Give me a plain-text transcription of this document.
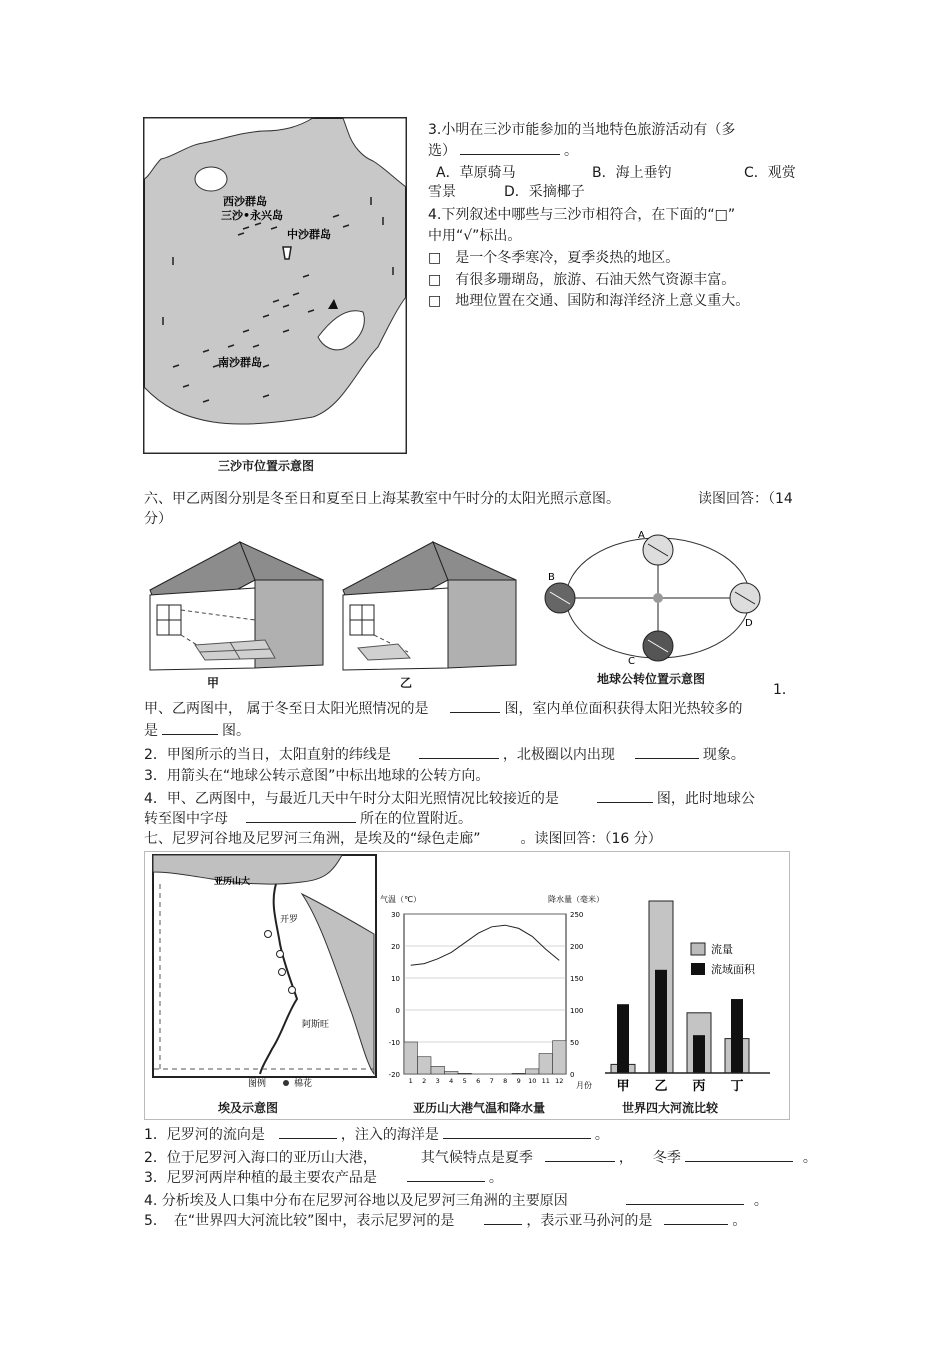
西沙群岛
三沙•永兴岛
中沙群岛
南沙群岛
三沙市位置示意图
3.小明在三沙市能参加的当地特色旅游活动有（多
选）	。
A．草原骑马	B．海上垂钓	C．观赏
雪景	D．采摘椰子
4.下列叙述中哪些与三沙市相符合，在下面的“□”
中用“√”标出。
□　是一个冬季寒冷，夏季炎热的地区。
□　有很多珊瑚岛，旅游、石油天然气资源丰富。
□　地理位置在交通、国防和海洋经济上意义重大。
六、甲乙两图分别是冬至日和夏至日上海某教室中午时分的太阳光照示意图。	读图回答：（14
分）
甲	乙
A
B
C
D
地球公转位置示意图
1．
甲、乙两图中， 属于冬至日太阳光照情况的是	图，室内单位面积获得太阳光热较多的
是	图。
2．甲图所示的当日，太阳直射的纬线是	，北极圈以内出现	现象。
3．用箭头在“地球公转示意图”中标出地球的公转方向。
4．甲、乙两图中，与最近几天中午时分太阳光照情况比较接近的是	图，此时地球公
转至图中字母	所在的位置附近。
七、尼罗河谷地及尼罗河三角洲，是埃及的“绿色走廊”	。读图回答：（16 分）
亚历山大
开罗
阿斯旺
图例	棉花
埃及示意图
气温（℃）	降水量（毫米）
月份
30
20
10
0
-10
-20
250
200
150
100
50
0
1 2 3 4 5 6 7 8 9 10 11 12
亚历山大港气温和降水量
流量
流域面积
甲 乙 丙 丁
世界四大河流比较
1．尼罗河的流向是	，注入的海洋是	。
2．位于尼罗河入海口的亚历山大港，	其气候特点是夏季	， 冬季	。
3．尼罗河两岸种植的最主要农产品是	。
4. 分析埃及人口集中分布在尼罗河谷地以及尼罗河三角洲的主要原因	。
5．　在“世界四大河流比较”图中，表示尼罗河的是	，表示亚马孙河的是	。
